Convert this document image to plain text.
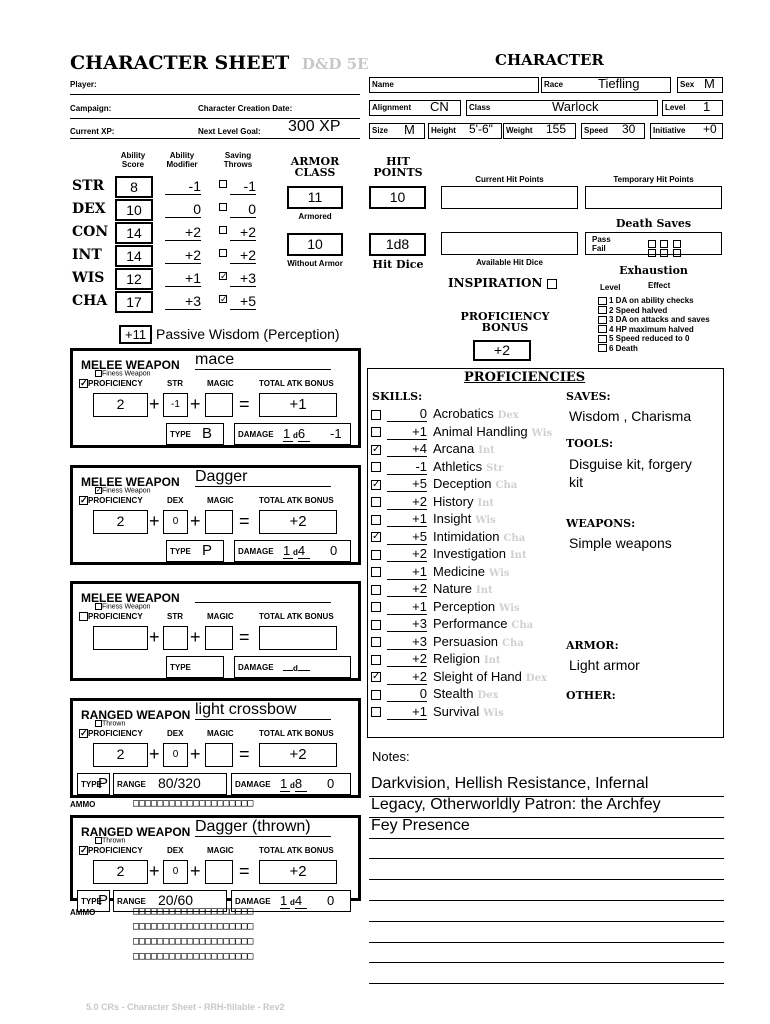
CHARACTER SHEET D&D 5E	CHARACTER
Player:
Campaign:	Character Creation Date:
Current XP:	Next Level Goal: 300 XP
Name	Race	Tiefling	Sex M
Alignment CN	Class	Warlock	Level 1
Size M	Height 5'-6"	Weight 155	Speed 30	Initiative +0
Ability Score
Ability Modifier
Saving Throws
STR	8	-1	-1
DEX	10	0	0
CON	14	+2	+2
INT	14	+2	+2
WIS	12	+1 ✓ +3
CHA	17	+3 ✓ +5
+11 Passive Wisdom (Perception)
ARMOR CLASS
11
Armored
10
Without Armor
HIT POINTS
10
1d8
Hit Dice
Current Hit Points	Temporary Hit Points
Death Saves
Pass
Fail

Available Hit Dice
INSPIRATION
PROFICIENCY BONUS
+2
Exhaustion
Level	Effect
1 DA on ability checks
2 Speed halved
3 DA on attacks and saves
4 HP maximum halved
5 Speed reduced to 0
6 Death
MELEE WEAPON mace
Finess Weapon
✓PROFICIENCY	STR	MAGIC	TOTAL ATK BONUS
2	+	-1 + =	+1
TYPE B	DAMAGE 1 d6	-1
MELEE WEAPON Dagger
✓Finess Weapon
✓PROFICIENCY	DEX	MAGIC	TOTAL ATK BONUS
2	+	0 + =	+2
TYPE P	DAMAGE 1 d4	0
MELEE WEAPON
Finess Weapon
PROFICIENCY	STR	MAGIC	TOTAL ATK BONUS
+ + =
TYPE	DAMAGE	d
RANGED WEAPON light crossbow
Thrown
✓PROFICIENCY	DEX	MAGIC	TOTAL ATK BONUS
2	+	0 + =	+2
TYPE
P RANGE 80/320	DAMAGE 1 d8	0
AMMO	□□□□□□□□□□□□□□□□□□□□
RANGED WEAPON Dagger (thrown)
Thrown
✓PROFICIENCY	DEX	MAGIC	TOTAL ATK BONUS
2	+	0 + =	+2
TYPE
P RANGE 20/60	DAMAGE 1 d4	0
AMMO	□□□□□□□□□□□□□□□□□□□□
□□□□□□□□□□□□□□□□□□□□
□□□□□□□□□□□□□□□□□□□□
□□□□□□□□□□□□□□□□□□□□
PROFICIENCIES
SKILLS:
0 Acrobatics Dex
+1 Animal Handling Wis
✓ +4 Arcana Int
-1 Athletics Str
✓ +5 Deception Cha
+2 History Int
+1 Insight Wis
✓ +5 Intimidation Cha
+2 Investigation Int
+1 Medicine Wis
+2 Nature Int
+1 Perception Wis
+3 Performance Cha
+3 Persuasion Cha
+2 Religion Int
✓ +2 Sleight of Hand Dex
0 Stealth Dex
+1 Survival Wis
SAVES:
Wisdom , Charisma
TOOLS:
Disguise kit, forgery
kit
WEAPONS:
Simple weapons
ARMOR:
Light armor
OTHER:
Notes:
Darkvision, Hellish Resistance, Infernal
Legacy, Otherworldly Patron: the Archfey
Fey Presence
5.0 CRs - Character Sheet - RRH-fillable - Rev2
